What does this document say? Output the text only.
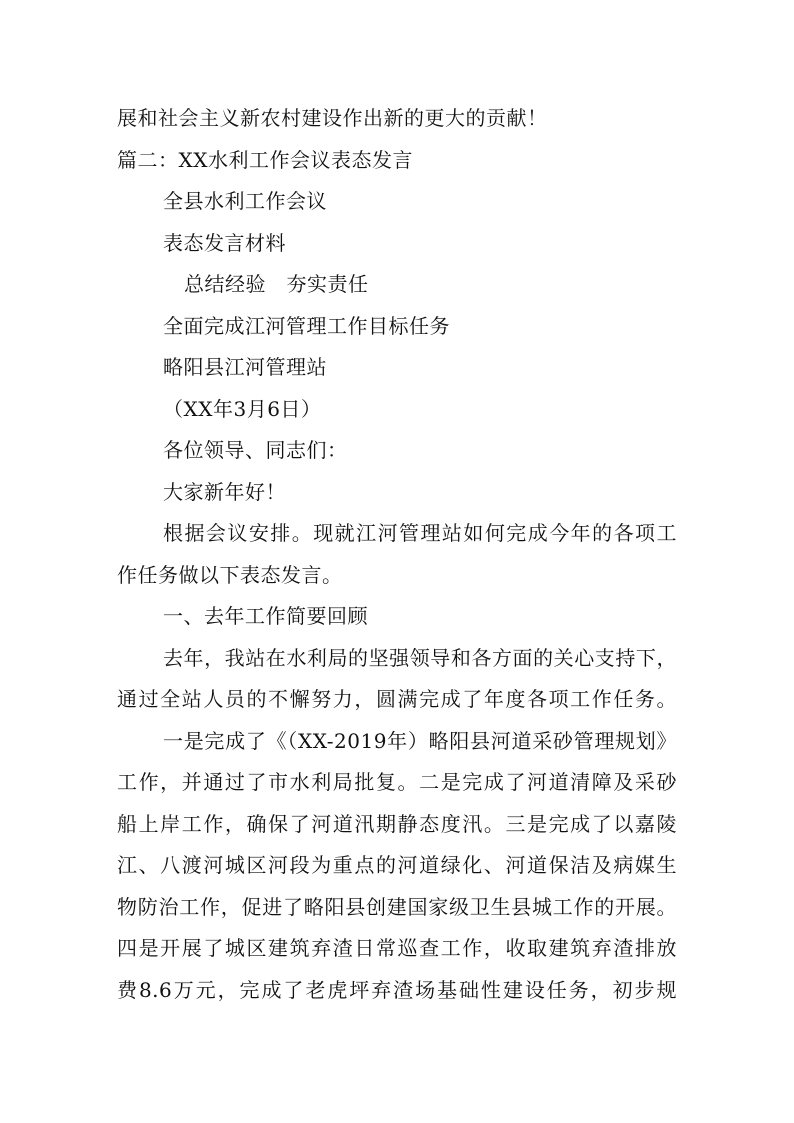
展和社会主义新农村建设作出新的更大的贡献！
篇二：XX水利工作会议表态发言
全县水利工作会议
表态发言材料
总结经验　夯实责任
全面完成江河管理工作目标任务
略阳县江河管理站
（XX年3月6日）
各位领导、同志们：
大家新年好！
根据会议安排。现就江河管理站如何完成今年的各项工
作任务做以下表态发言。
一、去年工作简要回顾
去年，我站在水利局的坚强领导和各方面的关心支持下，
通过全站人员的不懈努力，圆满完成了年度各项工作任务。
一是完成了《（XX-2019年）略阳县河道采砂管理规划》
工作，并通过了市水利局批复。二是完成了河道清障及采砂
船上岸工作，确保了河道汛期静态度汛。三是完成了以嘉陵
江、八渡河城区河段为重点的河道绿化、河道保洁及病媒生
物防治工作，促进了略阳县创建国家级卫生县城工作的开展。
四是开展了城区建筑弃渣日常巡查工作，收取建筑弃渣排放
费8.6万元，完成了老虎坪弃渣场基础性建设任务，初步规
